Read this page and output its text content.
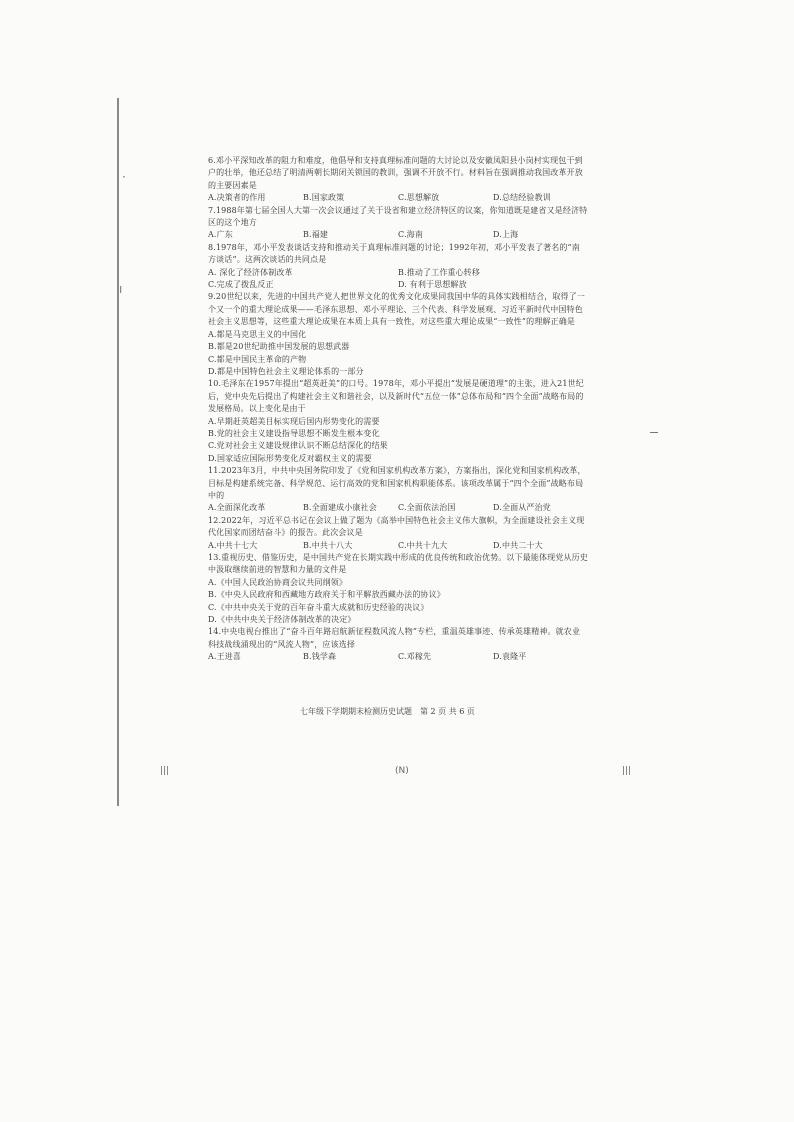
·
ı

6.邓小平深知改革的阻力和难度，他倡导和支持真理标准问题的大讨论以及安徽凤阳县小岗村实现包干到户的壮举，他还总结了明清两朝长期闭关锁国的教训，强调不开放不行。材料旨在强调推动我国改革开放的主要因素是

A.决策者的作用	B.国家政策	C.思想解放	D.总结经验教训

7.1988年第七届全国人大第一次会议通过了关于设省和建立经济特区的议案，你知道既是建省又是经济特区的这个地方

A.广东	B.福建	C.海南	D.上海

8.1978年，邓小平发表谈话支持和推动关于真理标准问题的讨论；1992年初，邓小平发表了著名的“南方谈话”。这两次谈话的共同点是

A. 深化了经济体制改革	B.推动了工作重心转移
C.完成了拨乱反正	D. 有利于思想解放

9.20世纪以来，先进的中国共产党人把世界文化的优秀文化成果同我国中华的具体实践相结合，取得了一个又一个的重大理论成果——毛泽东思想、邓小平理论、三个代表、科学发展观、习近平新时代中国特色社会主义思想等，这些重大理论成果在本质上具有一致性，对这些重大理论成果“一致性”的理解正确是

A.都是马克思主义的中国化

B.都是20世纪助推中国发展的思想武器

C.都是中国民主革命的产物

D.都是中国特色社会主义理论体系的一部分

10.毛泽东在1957年提出“超英赶美”的口号。1978年，邓小平提出“发展是硬道理”的主张，进入21世纪后，党中央先后提出了构建社会主义和谐社会，以及新时代“五位一体”总体布局和“四个全面”战略布局的发展格局。以上变化是由于

A.早期赶英超美目标实现后国内形势变化的需要

B.党的社会主义建设指导思想不断发生根本变化

C.党对社会主义建设规律认识不断总结深化的结果

D.国家适应国际形势变化反对霸权主义的需要

11.2023年3月，中共中央国务院印发了《党和国家机构改革方案》，方案指出，深化党和国家机构改革，目标是构建系统完备、科学规范、运行高效的党和国家机构职能体系。该项改革属于“四个全面”战略布局中的

A.全面深化改革	B.全面建成小康社会	C.全面依法治国	D.全面从严治党

12.2022年，习近平总书记在会议上做了题为《高举中国特色社会主义伟大旗帜，为全面建设社会主义现代化国家而团结奋斗》的报告。此次会议是

A.中共十七大	B.中共十八大	C.中共十九大	D.中共二十大

13.重视历史、借鉴历史，是中国共产党在长期实践中形成的优良传统和政治优势。以下最能体现党从历史中汲取继续前进的智慧和力量的文件是

A.《中国人民政治协商会议共同纲领》

B.《中央人民政府和西藏地方政府关于和平解放西藏办法的协议》

C.《中共中央关于党的百年奋斗重大成就和历史经验的决议》

D.《中共中央关于经济体制改革的决定》

14.中央电视台推出了“奋斗百年路启航新征程数风流人物”专栏，重温英雄事迹、传承英雄精神。就农业科技战线涌现出的“风流人物”，应该选择

A.王进喜	B.钱学森	C.邓稼先	D.袁隆平
七年级下学期期末检测历史试题　第 2 页 共 6 页
|||	(N)	|||
